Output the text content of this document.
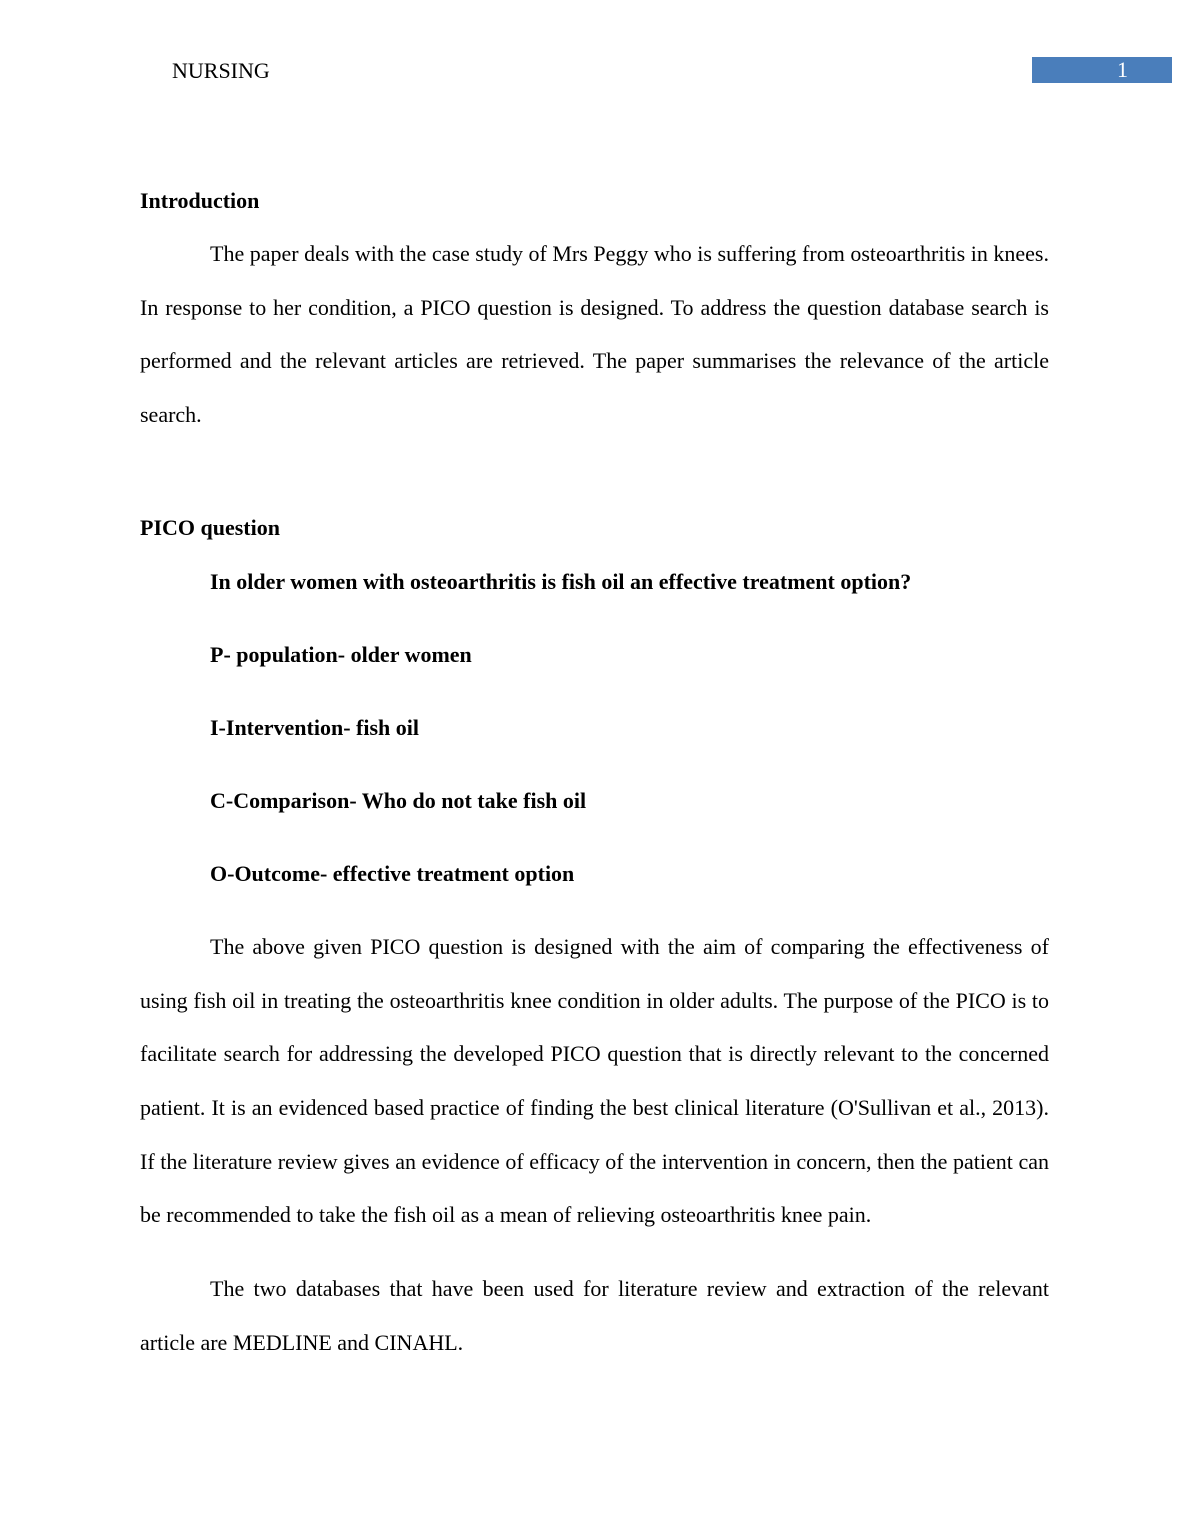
NURSING	1
Introduction

The paper deals with the case study of Mrs Peggy who is suffering from osteoarthritis in knees. In response to her condition, a PICO question is designed. To address the question database search is performed and the relevant articles are retrieved. The paper summarises the relevance of the article search.

PICO question

In older women with osteoarthritis is fish oil an effective treatment option?

P- population- older women

I-Intervention- fish oil

C-Comparison- Who do not take fish oil

O-Outcome- effective treatment option

The above given PICO question is designed with the aim of comparing the effectiveness of using fish oil in treating the osteoarthritis knee condition in older adults. The purpose of the PICO is to facilitate search for addressing the developed PICO question that is directly relevant to the concerned patient. It is an evidenced based practice of finding the best clinical literature (O'Sullivan et al., 2013). If the literature review gives an evidence of efficacy of the intervention in concern, then the patient can be recommended to take the fish oil as a mean of relieving osteoarthritis knee pain.

The two databases that have been used for literature review and extraction of the relevant article are MEDLINE and CINAHL.
